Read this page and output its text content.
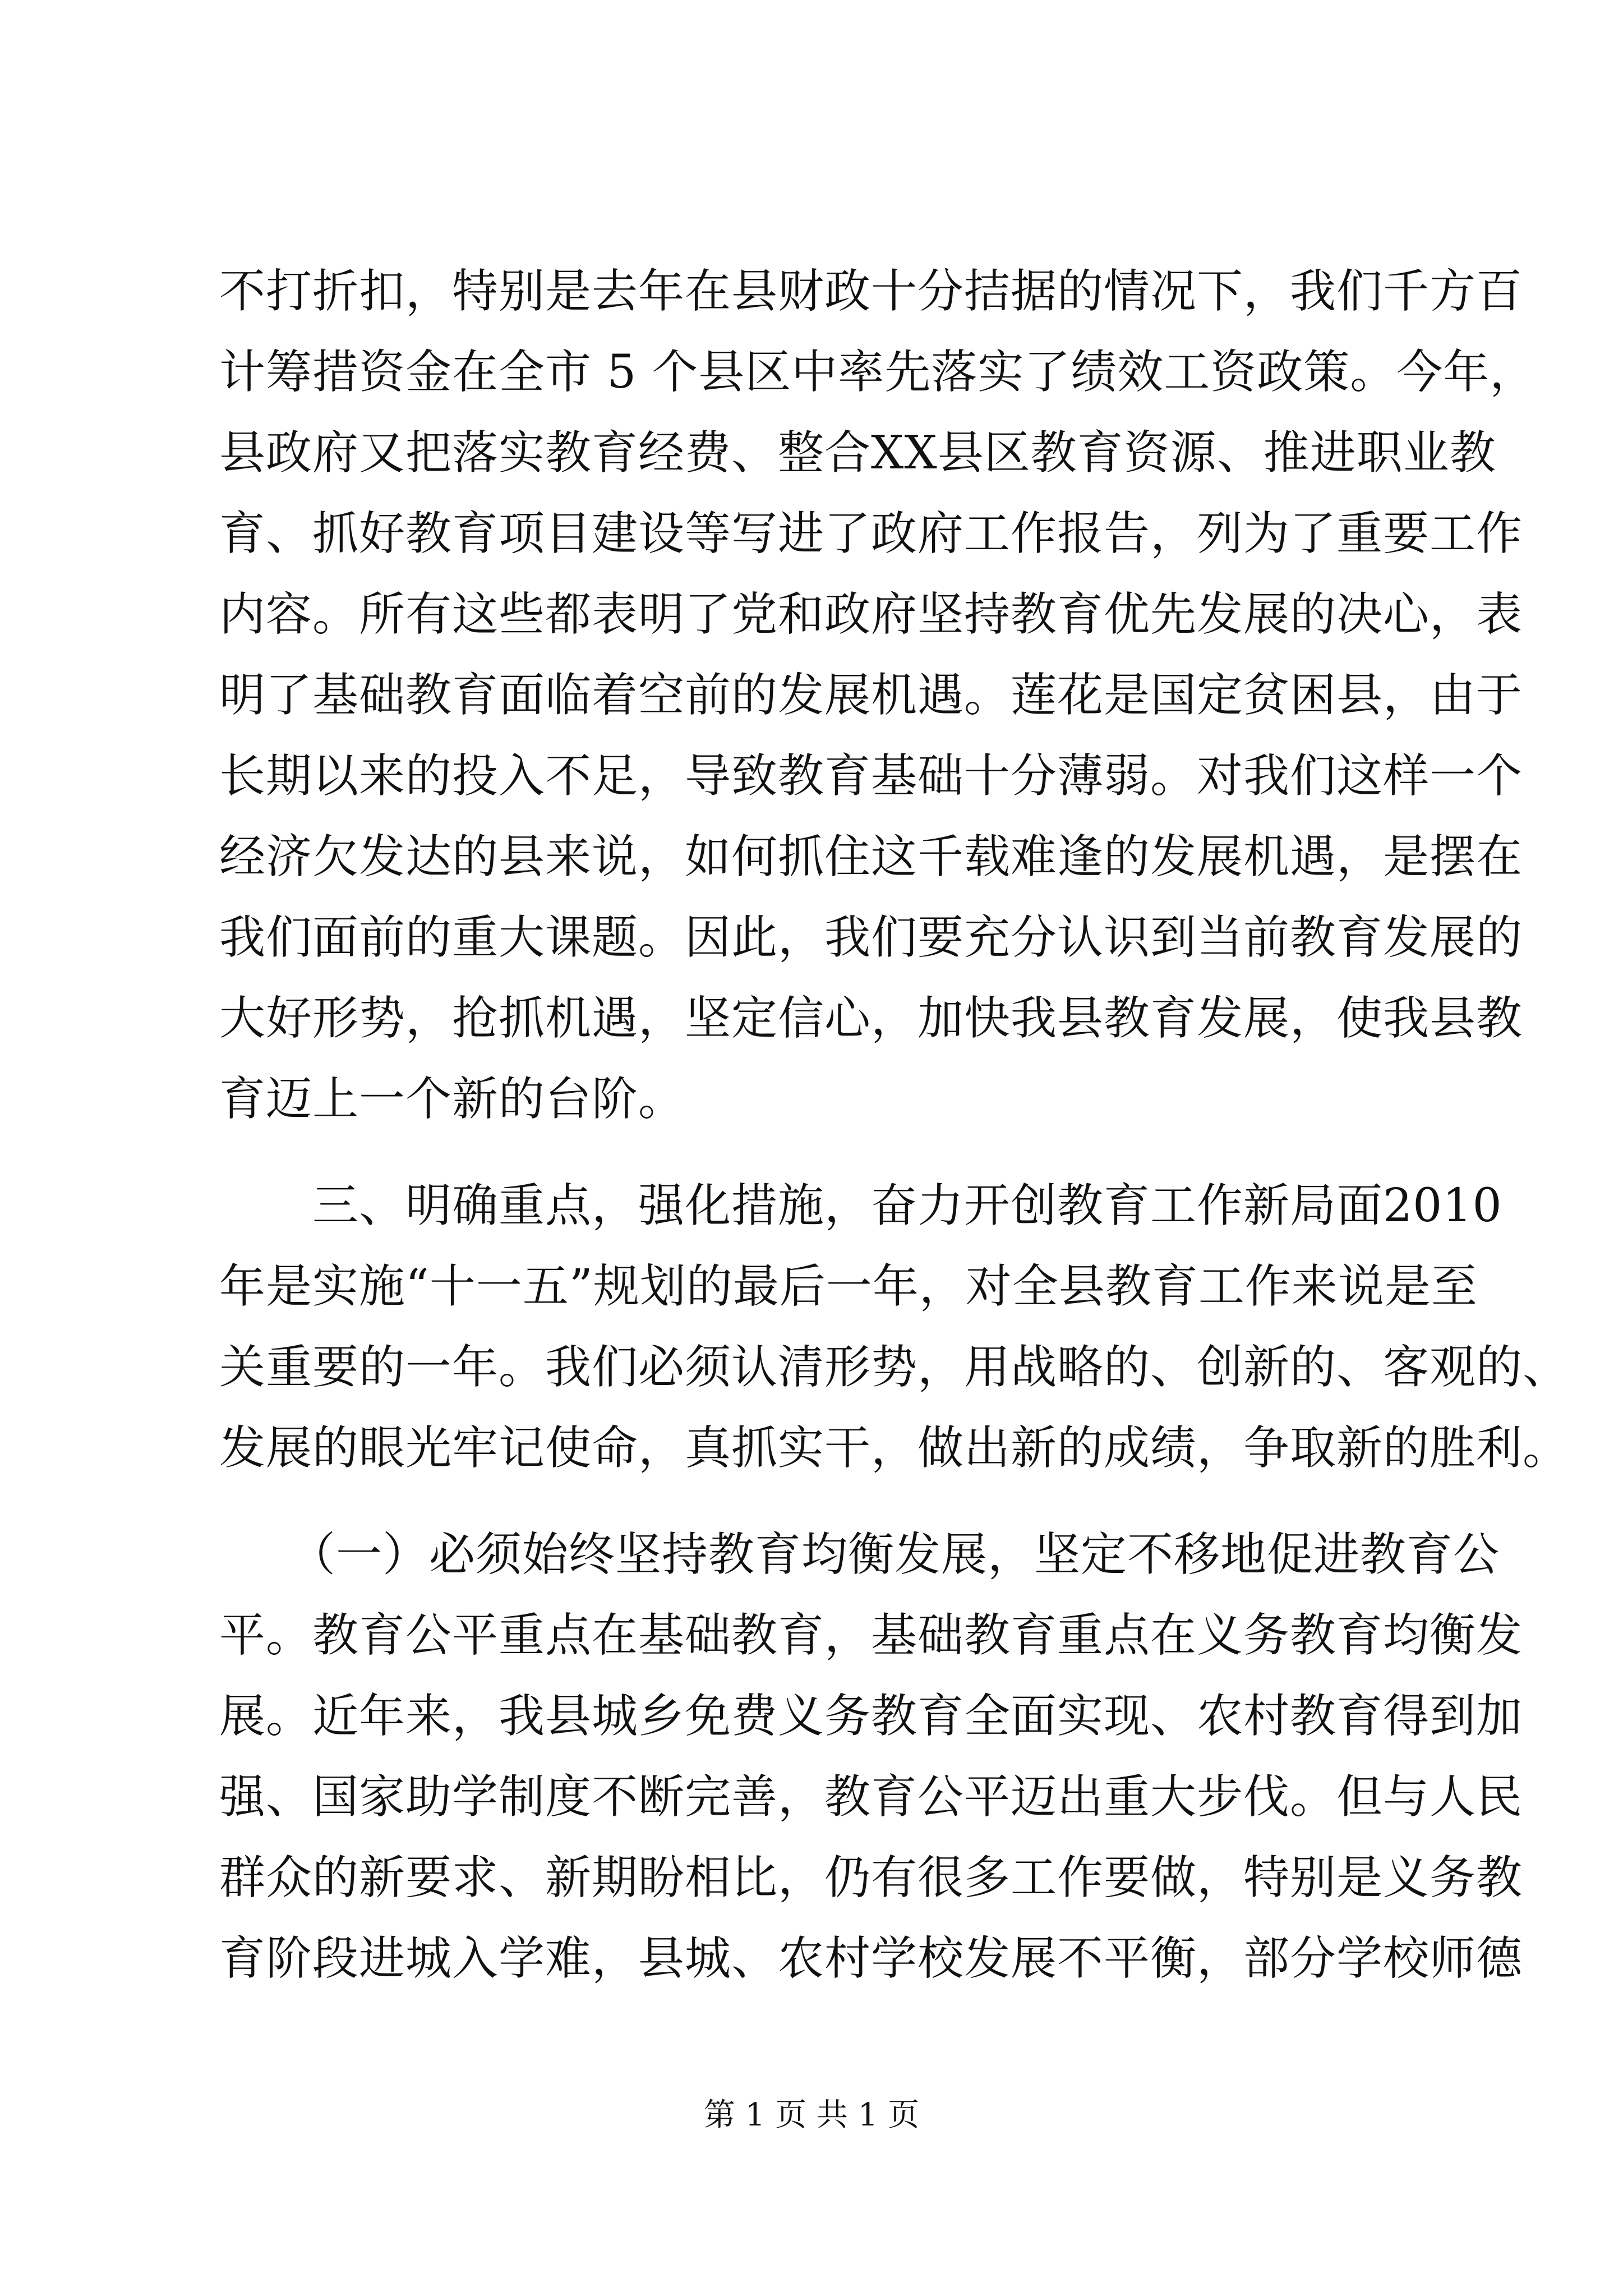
不打折扣，特别是去年在县财政十分拮据的情况下，我们千方百
计筹措资金在全市 5 个县区中率先落实了绩效工资政策。今年，
县政府又把落实教育经费、整合XX县区教育资源、推进职业教
育、抓好教育项目建设等写进了政府工作报告，列为了重要工作
内容。所有这些都表明了党和政府坚持教育优先发展的决心，表
明了基础教育面临着空前的发展机遇。莲花是国定贫困县，由于
长期以来的投入不足，导致教育基础十分薄弱。对我们这样一个
经济欠发达的县来说，如何抓住这千载难逢的发展机遇，是摆在
我们面前的重大课题。因此，我们要充分认识到当前教育发展的
大好形势，抢抓机遇，坚定信心，加快我县教育发展，使我县教
育迈上一个新的台阶。
　　三、明确重点，强化措施，奋力开创教育工作新局面2010
年是实施“十一五”规划的最后一年，对全县教育工作来说是至
关重要的一年。我们必须认清形势，用战略的、创新的、客观的、
发展的眼光牢记使命，真抓实干，做出新的成绩，争取新的胜利。
　　（一）必须始终坚持教育均衡发展，坚定不移地促进教育公
平。教育公平重点在基础教育，基础教育重点在义务教育均衡发
展。近年来，我县城乡免费义务教育全面实现、农村教育得到加
强、国家助学制度不断完善，教育公平迈出重大步伐。但与人民
群众的新要求、新期盼相比，仍有很多工作要做，特别是义务教
育阶段进城入学难，县城、农村学校发展不平衡，部分学校师德
第 1 页 共 1 页
